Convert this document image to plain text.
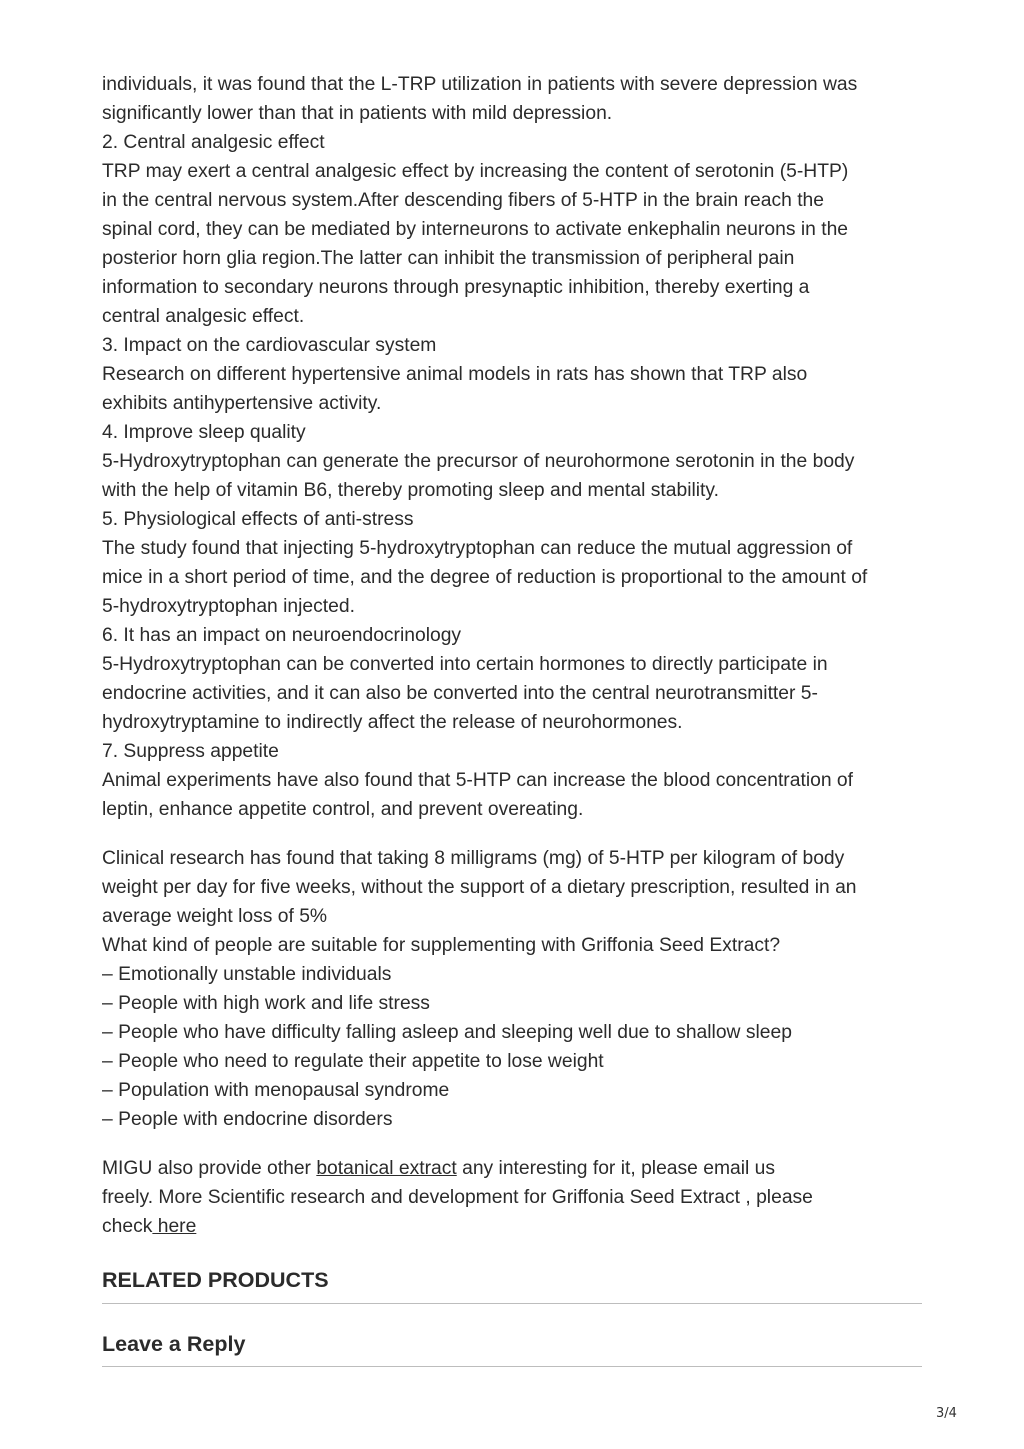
individuals, it was found that the L-TRP utilization in patients with severe depression was
significantly lower than that in patients with mild depression.
2. Central analgesic effect
TRP may exert a central analgesic effect by increasing the content of serotonin (5-HTP)
in the central nervous system.After descending fibers of 5-HTP in the brain reach the
spinal cord, they can be mediated by interneurons to activate enkephalin neurons in the
posterior horn glia region.The latter can inhibit the transmission of peripheral pain
information to secondary neurons through presynaptic inhibition, thereby exerting a
central analgesic effect.
3. Impact on the cardiovascular system
Research on different hypertensive animal models in rats has shown that TRP also
exhibits antihypertensive activity.
4. Improve sleep quality
5-Hydroxytryptophan can generate the precursor of neurohormone serotonin in the body
with the help of vitamin B6, thereby promoting sleep and mental stability.
5. Physiological effects of anti-stress
The study found that injecting 5-hydroxytryptophan can reduce the mutual aggression of
mice in a short period of time, and the degree of reduction is proportional to the amount of
5-hydroxytryptophan injected.
6. It has an impact on neuroendocrinology
5-Hydroxytryptophan can be converted into certain hormones to directly participate in
endocrine activities, and it can also be converted into the central neurotransmitter 5-
hydroxytryptamine to indirectly affect the release of neurohormones.
7. Suppress appetite
Animal experiments have also found that 5-HTP can increase the blood concentration of
leptin, enhance appetite control, and prevent overeating.
Clinical research has found that taking 8 milligrams (mg) of 5-HTP per kilogram of body
weight per day for five weeks, without the support of a dietary prescription, resulted in an
average weight loss of 5%
What kind of people are suitable for supplementing with Griffonia Seed Extract?
– Emotionally unstable individuals
– People with high work and life stress
– People who have difficulty falling asleep and sleeping well due to shallow sleep
– People who need to regulate their appetite to lose weight
– Population with menopausal syndrome
– People with endocrine disorders
MIGU also provide other botanical extract any interesting for it, please email us
freely. More Scientific research and development for Griffonia Seed Extract , please
check here
RELATED PRODUCTS
Leave a Reply
3/4
